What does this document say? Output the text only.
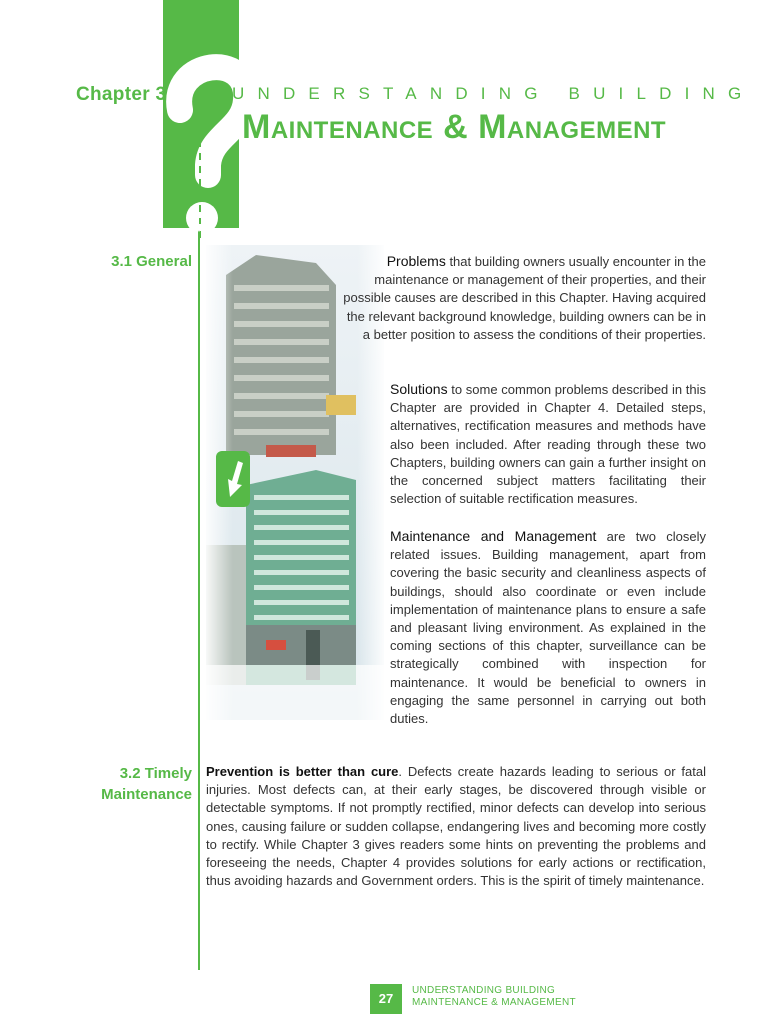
Chapter 3	UNDERSTANDING BUILDING
Maintenance & Management
3.1 General	Problems that building owners usually encounter in the maintenance or management of their properties, and their possible causes are described in this Chapter. Having acquired the relevant background knowledge, building owners can be in a better position to assess the conditions of their properties.
Solutions to some common problems described in this Chapter are provided in Chapter 4. Detailed steps, alternatives, rectification measures and methods have also been included. After reading through these two Chapters, building owners can gain a further insight on the concerned subject matters facilitating their selection of suitable rectification measures.
Maintenance and Management are two closely related issues. Building management, apart from covering the basic security and cleanliness aspects of buildings, should also coordinate or even include implementation of maintenance plans to ensure a safe and pleasant living environment. As explained in the coming sections of this chapter, surveillance can be strategically combined with inspection for maintenance. It would be beneficial to owners in engaging the same personnel in carrying out both duties.
3.2 Timely
Maintenance
Prevention is better than cure. Defects create hazards leading to serious or fatal injuries. Most defects can, at their early stages, be discovered through visible or detectable symptoms. If not promptly rectified, minor defects can develop into serious ones, causing failure or sudden collapse, endangering lives and becoming more costly to rectify. While Chapter 3 gives readers some hints on preventing the problems and foreseeing the needs, Chapter 4 provides solutions for early actions or rectification, thus avoiding hazards and Government orders. This is the spirit of timely maintenance.
27
UNDERSTANDING BUILDING
MAINTENANCE & MANAGEMENT
